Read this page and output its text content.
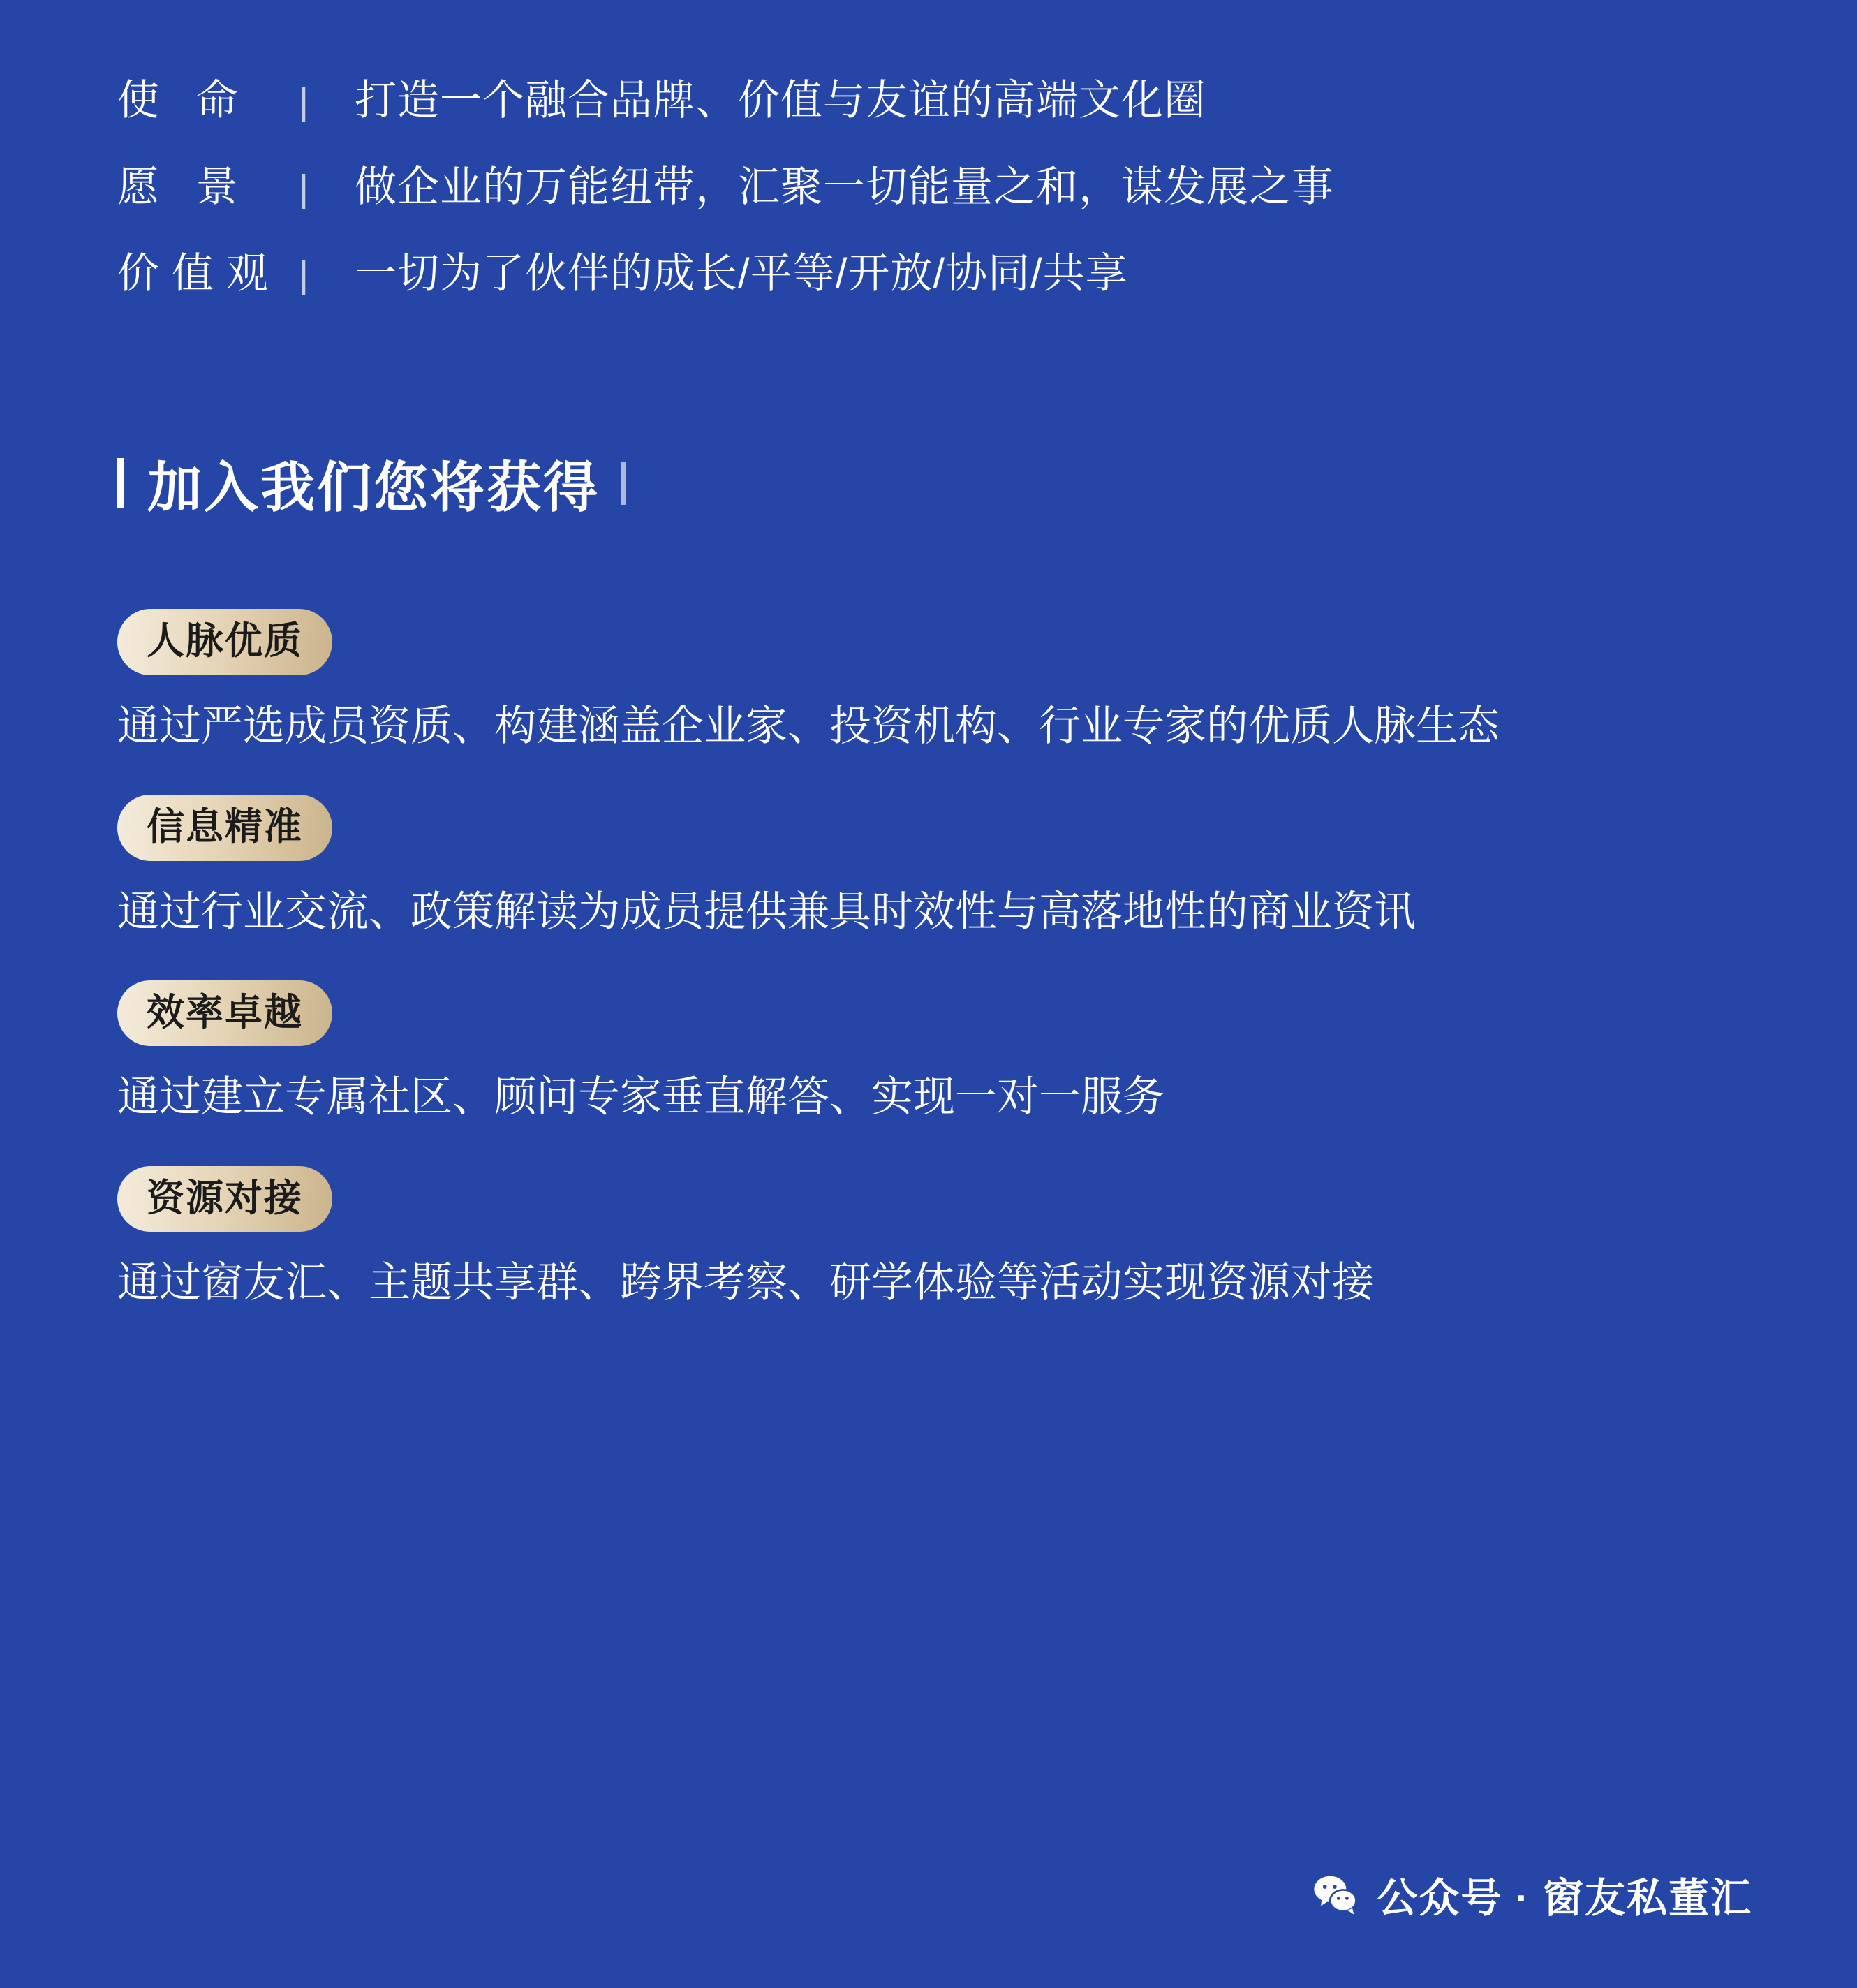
使 命	| 打造一个融合品牌、价值与友谊的高端文化圈
愿 景	| 做企业的万能纽带，汇聚一切能量之和，谋发展之事
价值观 | 一切为了伙伴的成长/平等/开放/协同/共享
加入我们您将获得
人脉优质
通过严选成员资质、构建涵盖企业家、投资机构、行业专家的优质人脉生态
信息精准
通过行业交流、政策解读为成员提供兼具时效性与高落地性的商业资讯
效率卓越
通过建立专属社区、顾问专家垂直解答、实现一对一服务
资源对接
通过窗友汇、主题共享群、跨界考察、研学体验等活动实现资源对接
公众号 · 窗友私董汇
